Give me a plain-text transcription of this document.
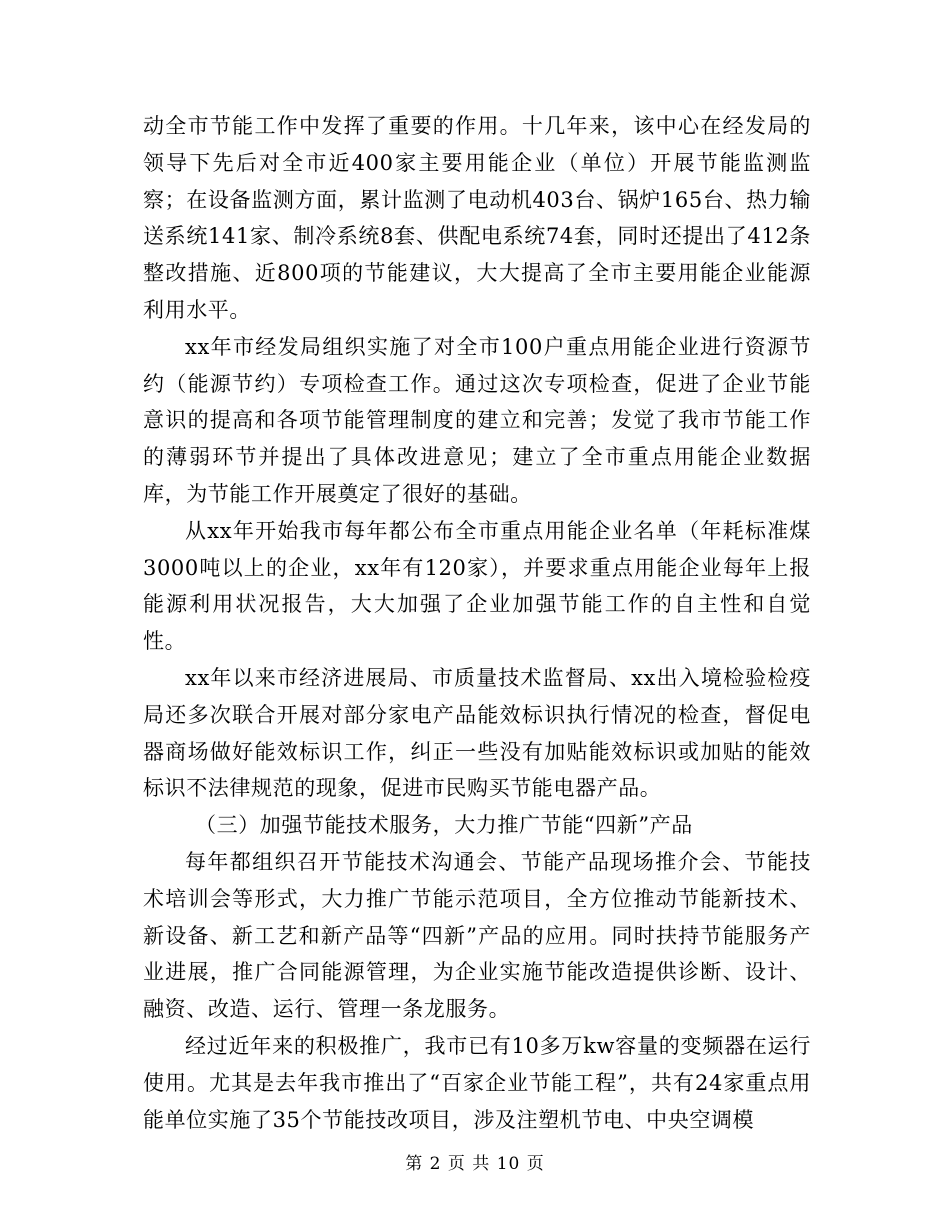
动全市节能工作中发挥了重要的作用。十几年来，该中心在经发局的领导下先后对全市近400家主要用能企业（单位）开展节能监测监察；在设备监测方面，累计监测了电动机403台、锅炉165台、热力输送系统141家、制冷系统8套、供配电系统74套，同时还提出了412条整改措施、近800项的节能建议，大大提高了全市主要用能企业能源利用水平。

xx年市经发局组织实施了对全市100户重点用能企业进行资源节约（能源节约）专项检查工作。通过这次专项检查，促进了企业节能意识的提高和各项节能管理制度的建立和完善；发觉了我市节能工作的薄弱环节并提出了具体改进意见；建立了全市重点用能企业数据库，为节能工作开展奠定了很好的基础。

从xx年开始我市每年都公布全市重点用能企业名单（年耗标准煤3000吨以上的企业，xx年有120家），并要求重点用能企业每年上报能源利用状况报告，大大加强了企业加强节能工作的自主性和自觉性。

xx年以来市经济进展局、市质量技术监督局、xx出入境检验检疫局还多次联合开展对部分家电产品能效标识执行情况的检查，督促电器商场做好能效标识工作，纠正一些没有加贴能效标识或加贴的能效标识不法律规范的现象，促进市民购买节能电器产品。

（三）加强节能技术服务，大力推广节能“四新”产品

每年都组织召开节能技术沟通会、节能产品现场推介会、节能技术培训会等形式，大力推广节能示范项目，全方位推动节能新技术、新设备、新工艺和新产品等“四新”产品的应用。同时扶持节能服务产业进展，推广合同能源管理，为企业实施节能改造提供诊断、设计、融资、改造、运行、管理一条龙服务。

经过近年来的积极推广，我市已有10多万kw容量的变频器在运行使用。尤其是去年我市推出了“百家企业节能工程”，共有24家重点用能单位实施了35个节能技改项目，涉及注塑机节电、中央空调模

第 2 页 共 10 页
